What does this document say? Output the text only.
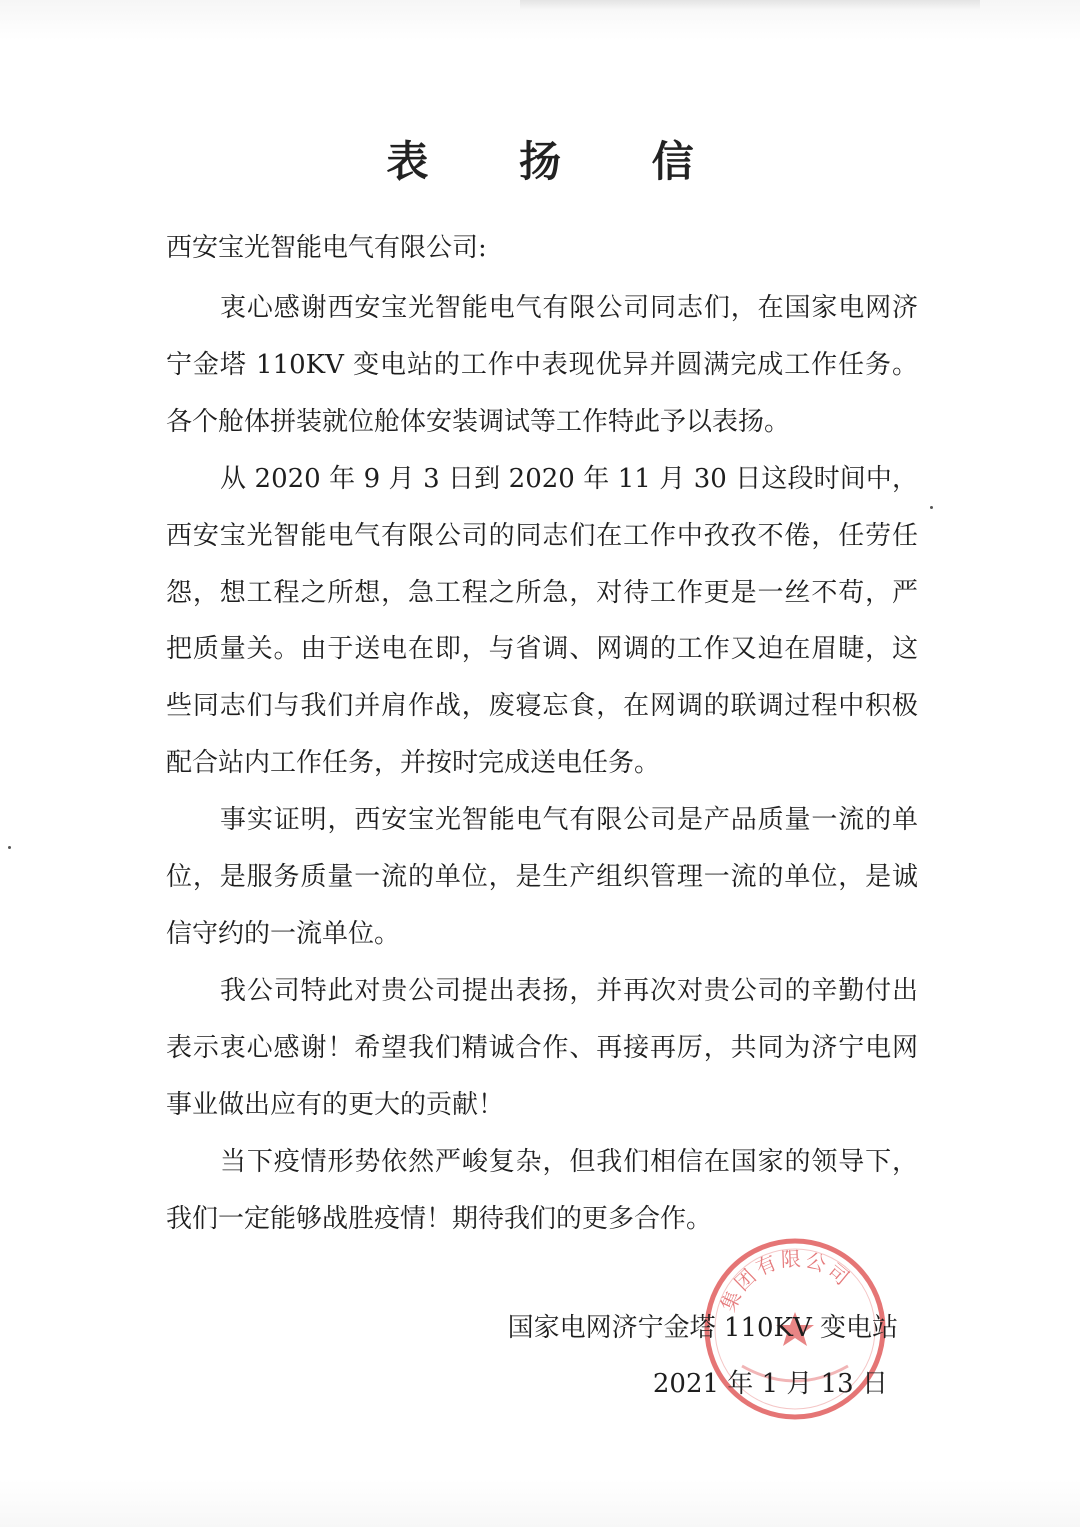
表 扬 信
西安宝光智能电气有限公司:

衷心感谢西安宝光智能电气有限公司同志们，在国家电网济宁金塔 110KV 变电站的工作中表现优异并圆满完成工作任务。各个舱体拼装就位舱体安装调试等工作特此予以表扬。

从 2020 年 9 月 3 日到 2020 年 11 月 30 日这段时间中，西安宝光智能电气有限公司的同志们在工作中孜孜不倦，任劳任怨，想工程之所想，急工程之所急，对待工作更是一丝不苟，严把质量关。由于送电在即，与省调、网调的工作又迫在眉睫，这些同志们与我们并肩作战，废寝忘食，在网调的联调过程中积极配合站内工作任务，并按时完成送电任务。

事实证明，西安宝光智能电气有限公司是产品质量一流的单位，是服务质量一流的单位，是生产组织管理一流的单位，是诚信守约的一流单位。

我公司特此对贵公司提出表扬，并再次对贵公司的辛勤付出表示衷心感谢！希望我们精诚合作、再接再厉，共同为济宁电网事业做出应有的更大的贡献！

当下疫情形势依然严峻复杂，但我们相信在国家的领导下，我们一定能够战胜疫情！期待我们的更多合作。

集团有限公司
国家电网济宁金塔 110KV 变电站
2021 年 1 月 13 日
